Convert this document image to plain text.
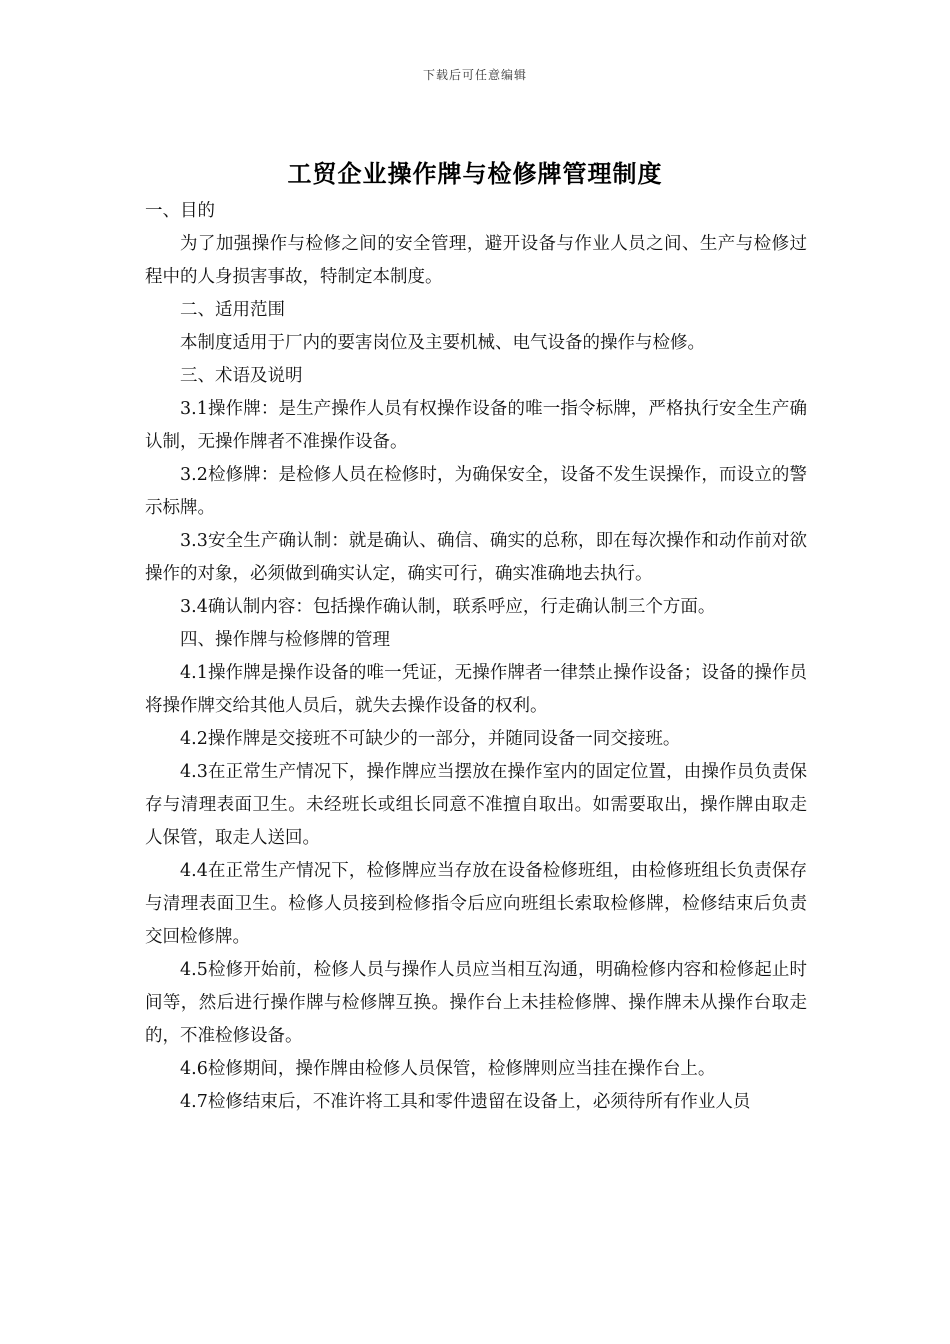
下载后可任意编辑
工贸企业操作牌与检修牌管理制度

一、目的

为了加强操作与检修之间的安全管理，避开设备与作业人员之间、生产与检修过程中的人身损害事故，特制定本制度。

二、适用范围

本制度适用于厂内的要害岗位及主要机械、电气设备的操作与检修。

三、术语及说明

3.1操作牌：是生产操作人员有权操作设备的唯一指令标牌，严格执行安全生产确认制，无操作牌者不准操作设备。

3.2检修牌：是检修人员在检修时，为确保安全，设备不发生误操作，而设立的警示标牌。

3.3安全生产确认制：就是确认、确信、确实的总称，即在每次操作和动作前对欲操作的对象，必须做到确实认定，确实可行，确实准确地去执行。

3.4确认制内容：包括操作确认制，联系呼应，行走确认制三个方面。

四、操作牌与检修牌的管理

4.1操作牌是操作设备的唯一凭证，无操作牌者一律禁止操作设备；设备的操作员将操作牌交给其他人员后，就失去操作设备的权利。

4.2操作牌是交接班不可缺少的一部分，并随同设备一同交接班。

4.3在正常生产情况下，操作牌应当摆放在操作室内的固定位置，由操作员负责保存与清理表面卫生。未经班长或组长同意不准擅自取出。如需要取出，操作牌由取走人保管，取走人送回。

4.4在正常生产情况下，检修牌应当存放在设备检修班组，由检修班组长负责保存与清理表面卫生。检修人员接到检修指令后应向班组长索取检修牌，检修结束后负责交回检修牌。

4.5检修开始前，检修人员与操作人员应当相互沟通，明确检修内容和检修起止时间等，然后进行操作牌与检修牌互换。操作台上未挂检修牌、操作牌未从操作台取走的，不准检修设备。

4.6检修期间，操作牌由检修人员保管，检修牌则应当挂在操作台上。

4.7检修结束后，不准许将工具和零件遗留在设备上，必须待所有作业人员
